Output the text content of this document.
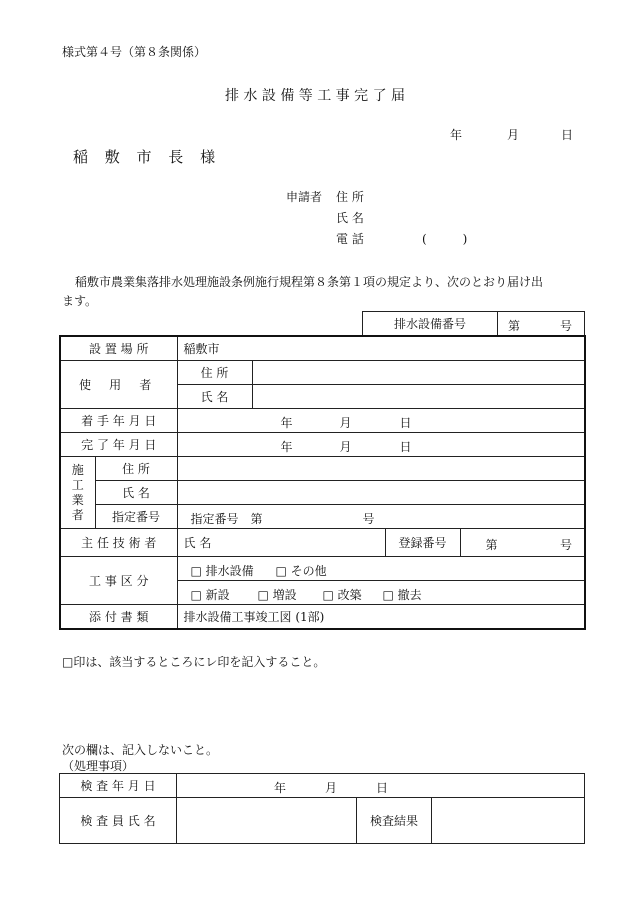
様式第４号（第８条関係）
排 水 設 備 等 工 事 完 了 届
年	月	日
稲 敷 市 長 様
申請者 住 所
氏 名
電 話	(　　　)
稲敷市農業集落排水処理施設条例施行規程第８条第１項の規定より、次のとおり届け出
ます。
排水設備番号	第	号
設 置 場 所		稲敷市			
使 用 者		住 所			
		氏 名			
着 手 年 月 日		年 月 日			

完 了 年 月 日		年 月 日			

施
工
業
者	住 所				
	氏 名				
	指定番号	指定番号　第 号			

主 任 技 術 者		氏 名		登録番号	第 号

工 事 区 分		□ 排水設備 □ その他			

		□ 新設 □ 増設 □ 改築 □ 撤去			

添 付 書 類		排水設備工事竣工図 (1部)			
□印は、該当するところにレ印を記入すること。
次の欄は、記入しないこと。
（処理事項）
検 査 年 月 日	年 月 日		

検 査 員 氏 名		検査結果	
